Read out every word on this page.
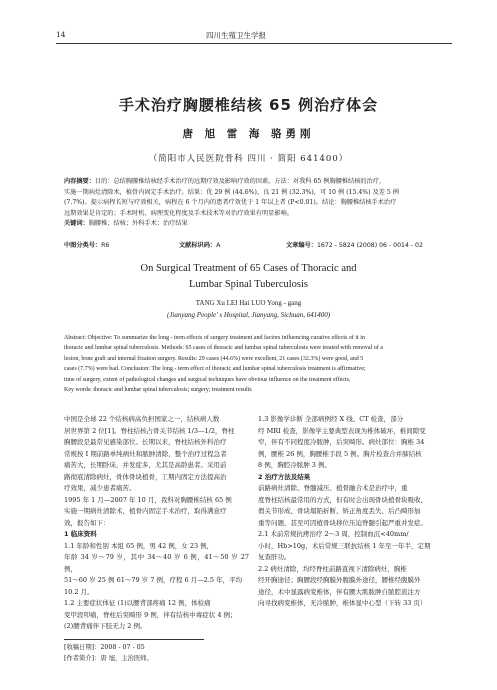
14	四川生殖卫生学报
手术治疗胸腰椎结核 65 例治疗体会
唐 旭 雷 海 骆勇刚
（简阳市人民医院骨科 四川 · 简阳 641400）
内容摘要：目的：总结胸腰椎结核经手术治疗的远期疗效及影响疗效的因素。方法：对我科 65 例胸腰椎结核的治疗，
实施一期病灶清除术，植骨内固定手术治疗。结果：优 29 例 (44.6%)，良 21 例 (32.3%)，可 10 例 (15.4%) 及差 5 例
(7.7%)。提示病程长短与疗效相关，病程在 6 个月内的患者疗效优于 1 年以上者 (P<0.01)。结论：胸腰椎结核手术治疗
远期效果是肯定的；手术时机、病理变化程度及手术技术等对治疗效果有明显影响。
关键词：胸腰椎；结核；外科手术；治疗结果
中图分类号：R6	文献标识码：A	文章编号：1672 - 5824 (2008) 06 - 0014 - 02
On Surgical Treatment of 65 Cases of Thoracic and
Lumbar Spinal Tuberculosis
TANG Xu LEI Hai LUO Yong - gang
(Jianyang People' s Hospital, Jianyang, Sichuan, 641400)
Abstract: Objective: To summarize the long - term effects of surgery treatment and factors influencing curative effects of it in
thoracic and lumbar spinal tuberculosis. Methods: 65 cases of thoracic and lumbar spinal tuberculosis were treated with removal of a
lesion, bone graft and internal fixation surgery. Results: 29 cases (44.6%) were excellent, 21 cases (32.3%) were good, and 5
cases (7.7%) were bad. Conclusion: The long - term effect of thoracic and lumbar spinal tuberculosis treatment is affirmative;
time of surgery, extent of pathological changes and surgical techniques have obvious influence on the treatment effects.
Key words: thoracic and lumbar spinal tuberculosis; surgery; treatment results

中国是全球 22 个结核病高负担国家之一，结核病人数

居世界第 2 位[1]。脊柱结核占骨关节结核 1/3—1/2，脊柱

胸腰段是最常见感染部位。长期以来，脊柱结核外科治疗

常规按 I 期前路单纯病灶和脓肿清除，整个治疗过程急者

痛苦大，长期卧床，并发症多，尤其是高龄患者。采用前

路彻底清除病灶，骨体骨块植骨，工期内固定方法提高治

疗效果，减少患者痛苦。

1995 年 1 月—2007 年 10 月，我科对胸腰椎结核 65 例

实施一期病灶清除术，植骨内固定手术治疗，取得满意疗

效，报告如下：

1 临床资料

1.1 年龄和性别 本组 65 例，男 42 例，女 23 例，

年龄 34 岁～79 岁，其中 34～40 岁 6 例，41～50 岁 27 例，

51～60 岁 25 例 61～79 岁 7 例，疗程 6 月—2.5 年，平均

10.2 月。

1.2 主要症状体征 (1)以腰背部疼痛 12 例，体检痛

变甲段叩痛，脊柱后突畸形 9 例，伴有结核中毒症状 4 例；

(2)腰背痛伴下肢无力 2 例。

1.3 影像学诊断 全部病例经 X 线、CT 检查，部分

经 MRI 检查，影像学主要典型表现为椎体破坏，椎间隙变

窄，伴有不同程度冷脓肿，后突畸形。病灶部位：胸椎 34

例，腰椎 26 例，胸腰椎手段 5 例。胸片检查合并肺结核

8 例，胸腔冷脓肿 3 例。

2 治疗方法及结果

前路病灶清除、脊髓减压、植骨融合术是治疗中，重

度脊柱结核最常用的方式，但有时会出现骨块植骨块吸收、

假关节形成、骨块塌陷折断、矫正角度丢失、后凸畸形加

重等问题，甚至可因植骨块移位压迫脊髓引起严重并发症。

2.1 术前常规抗痨治疗 2～3 周，控制血沉<40mm/

小时，Hb>10g，术后常规三联抗结核 1 年至一年半，定期

复查肝功。

2.2 病灶清除，均经脊柱前路直视下清除病灶，胸椎

经开胸途径；胸腰段经胸膜外腹膜外途径，腰椎经腹膜外

途径，术中显露病变椎体，伴有腰大肌脓肿自脓腔流注方

向寻找病变椎体，无冷脓肿，椎体显中心型（下转 33 页）

[收稿日期]：2008 - 07 - 05
[作者简介]：唐 旭，主治医师。
